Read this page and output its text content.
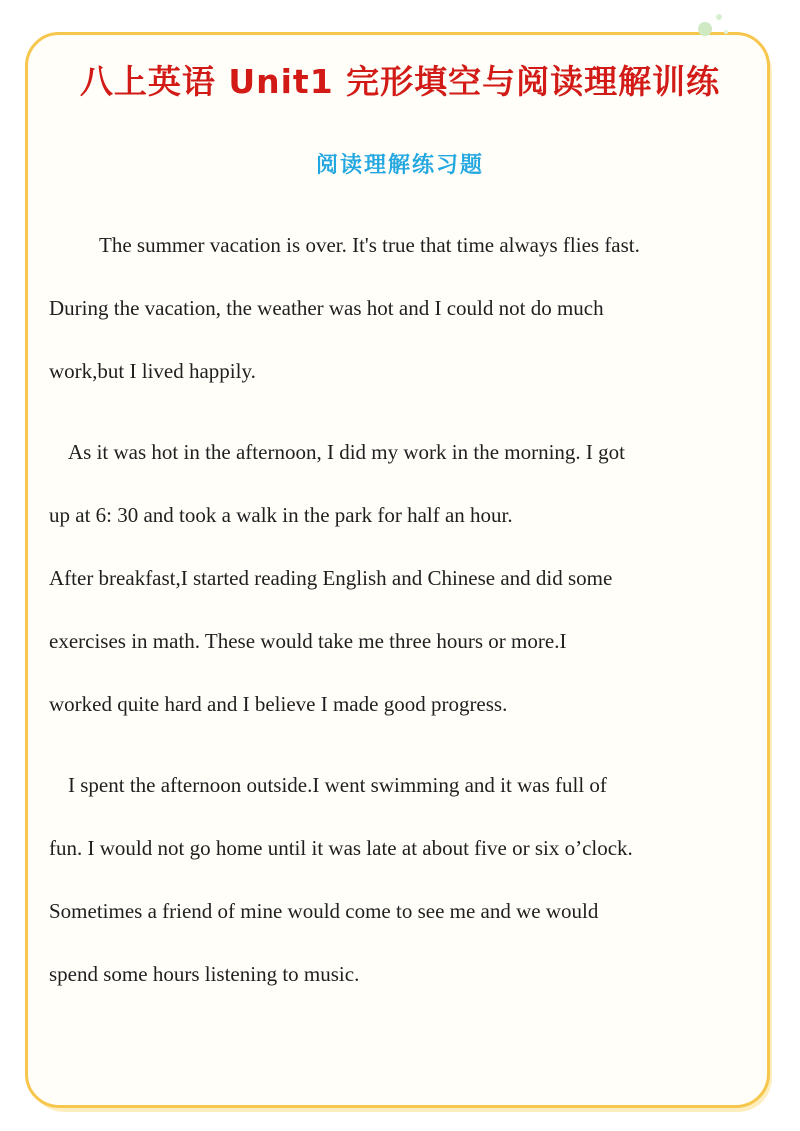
八上英语 Unit1 完形填空与阅读理解训练
阅读理解练习题
The summer vacation is over. It's true that time always flies fast.
During the vacation, the weather was hot and I could not do much
work,but I lived happily.
As it was hot in the afternoon, I did my work in the morning. I got
up at 6: 30 and took a walk in the park for half an hour.
After breakfast,I started reading English and Chinese and did some
exercises in math. These would take me three hours or more.I
worked quite hard and I believe I made good progress.
I spent the afternoon outside.I went swimming and it was full of
fun. I would not go home until it was late at about five or six o’clock.
Sometimes a friend of mine would come to see me and we would
spend some hours listening to music.
